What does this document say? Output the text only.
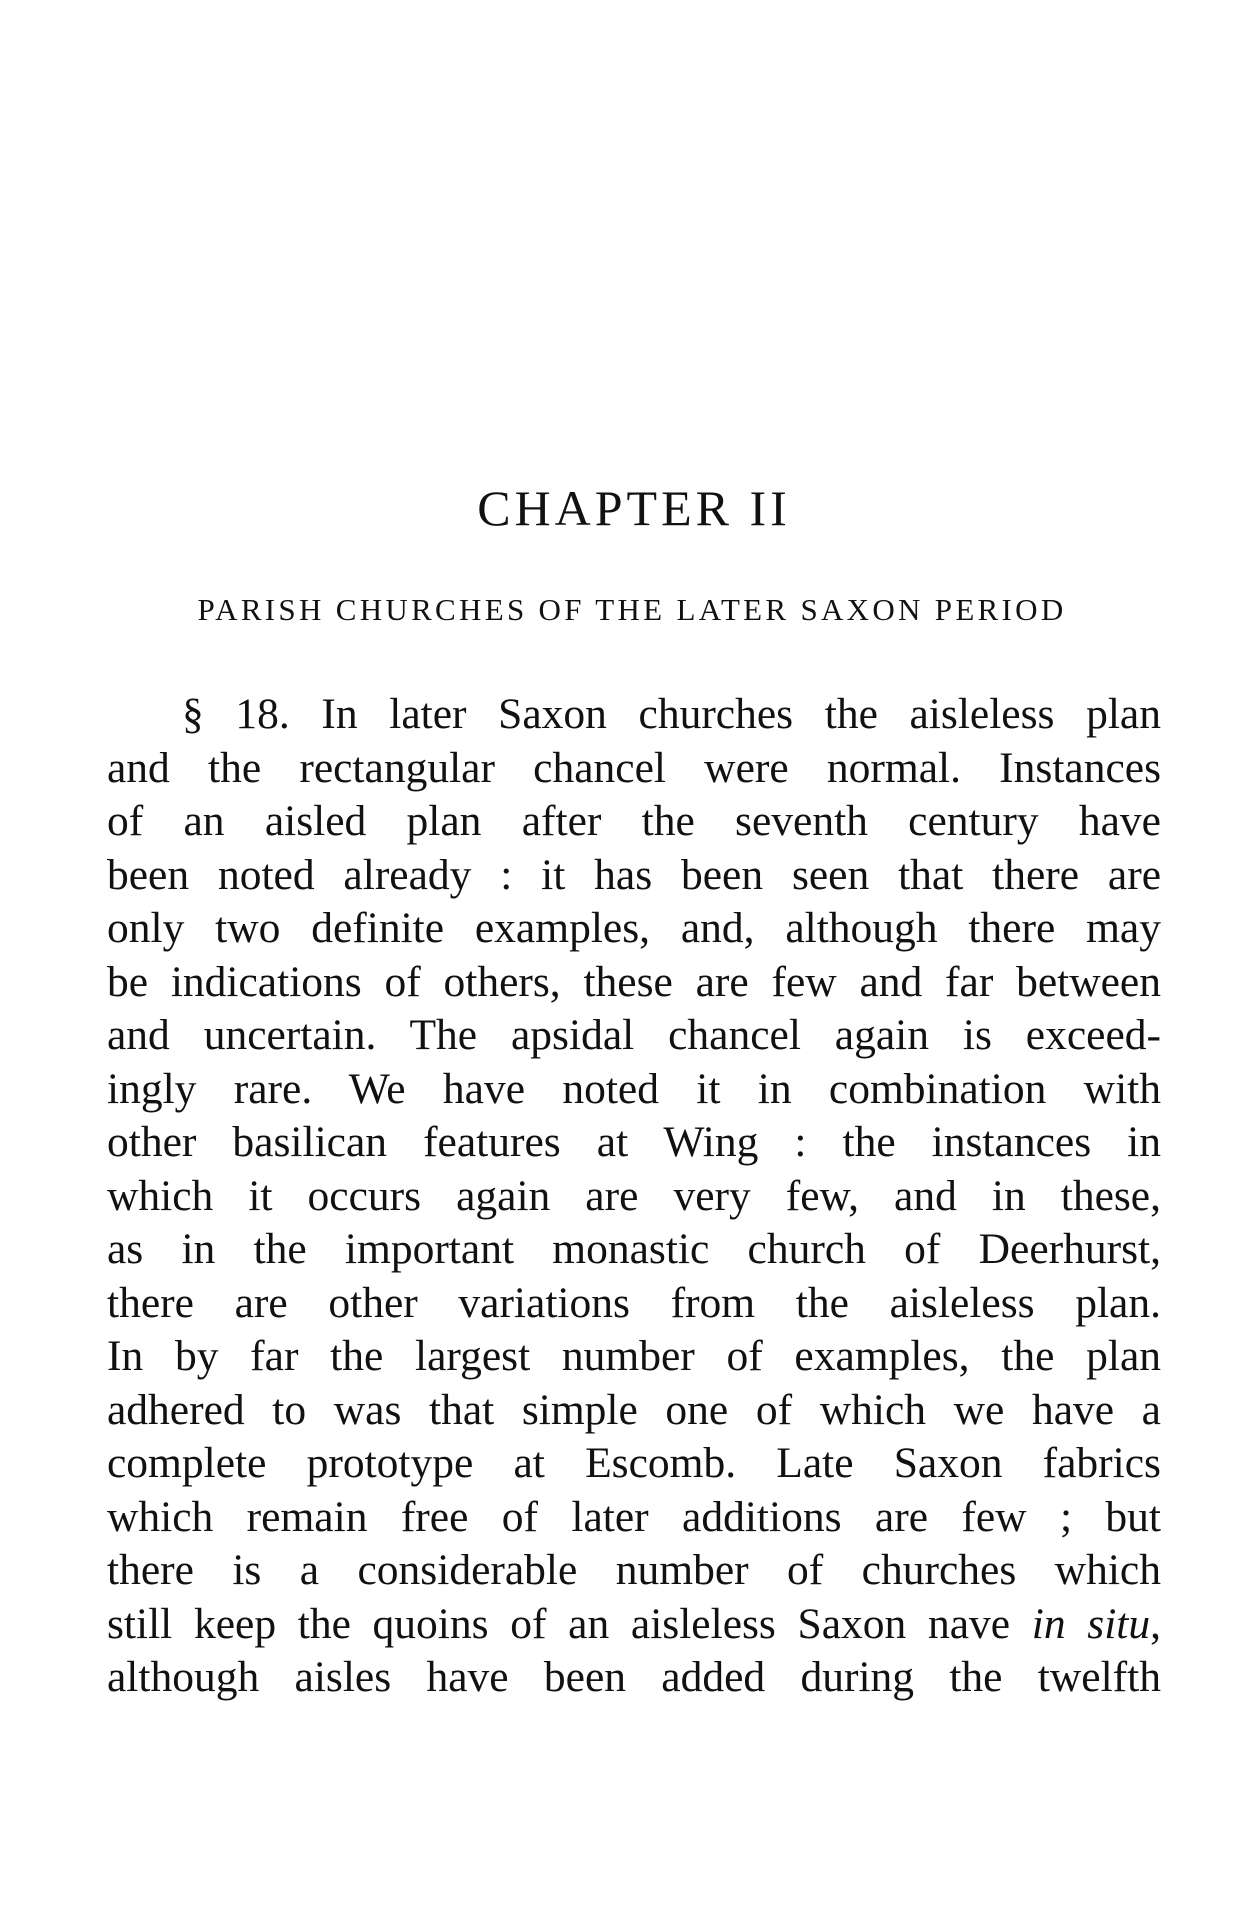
CHAPTER II
PARISH CHURCHES OF THE LATER SAXON PERIOD
§ 18. In later Saxon churches the aisleless plan
and the rectangular chancel were normal. Instances
of an aisled plan after the seventh century have
been noted already : it has been seen that there are
only two definite examples, and, although there may
be indications of others, these are few and far between
and uncertain. The apsidal chancel again is exceed-
ingly rare. We have noted it in combination with
other basilican features at Wing : the instances in
which it occurs again are very few, and in these,
as in the important monastic church of Deerhurst,
there are other variations from the aisleless plan.
In by far the largest number of examples, the plan
adhered to was that simple one of which we have a
complete prototype at Escomb. Late Saxon fabrics
which remain free of later additions are few ; but
there is a considerable number of churches which
still keep the quoins of an aisleless Saxon nave in situ,
although aisles have been added during the twelfth
